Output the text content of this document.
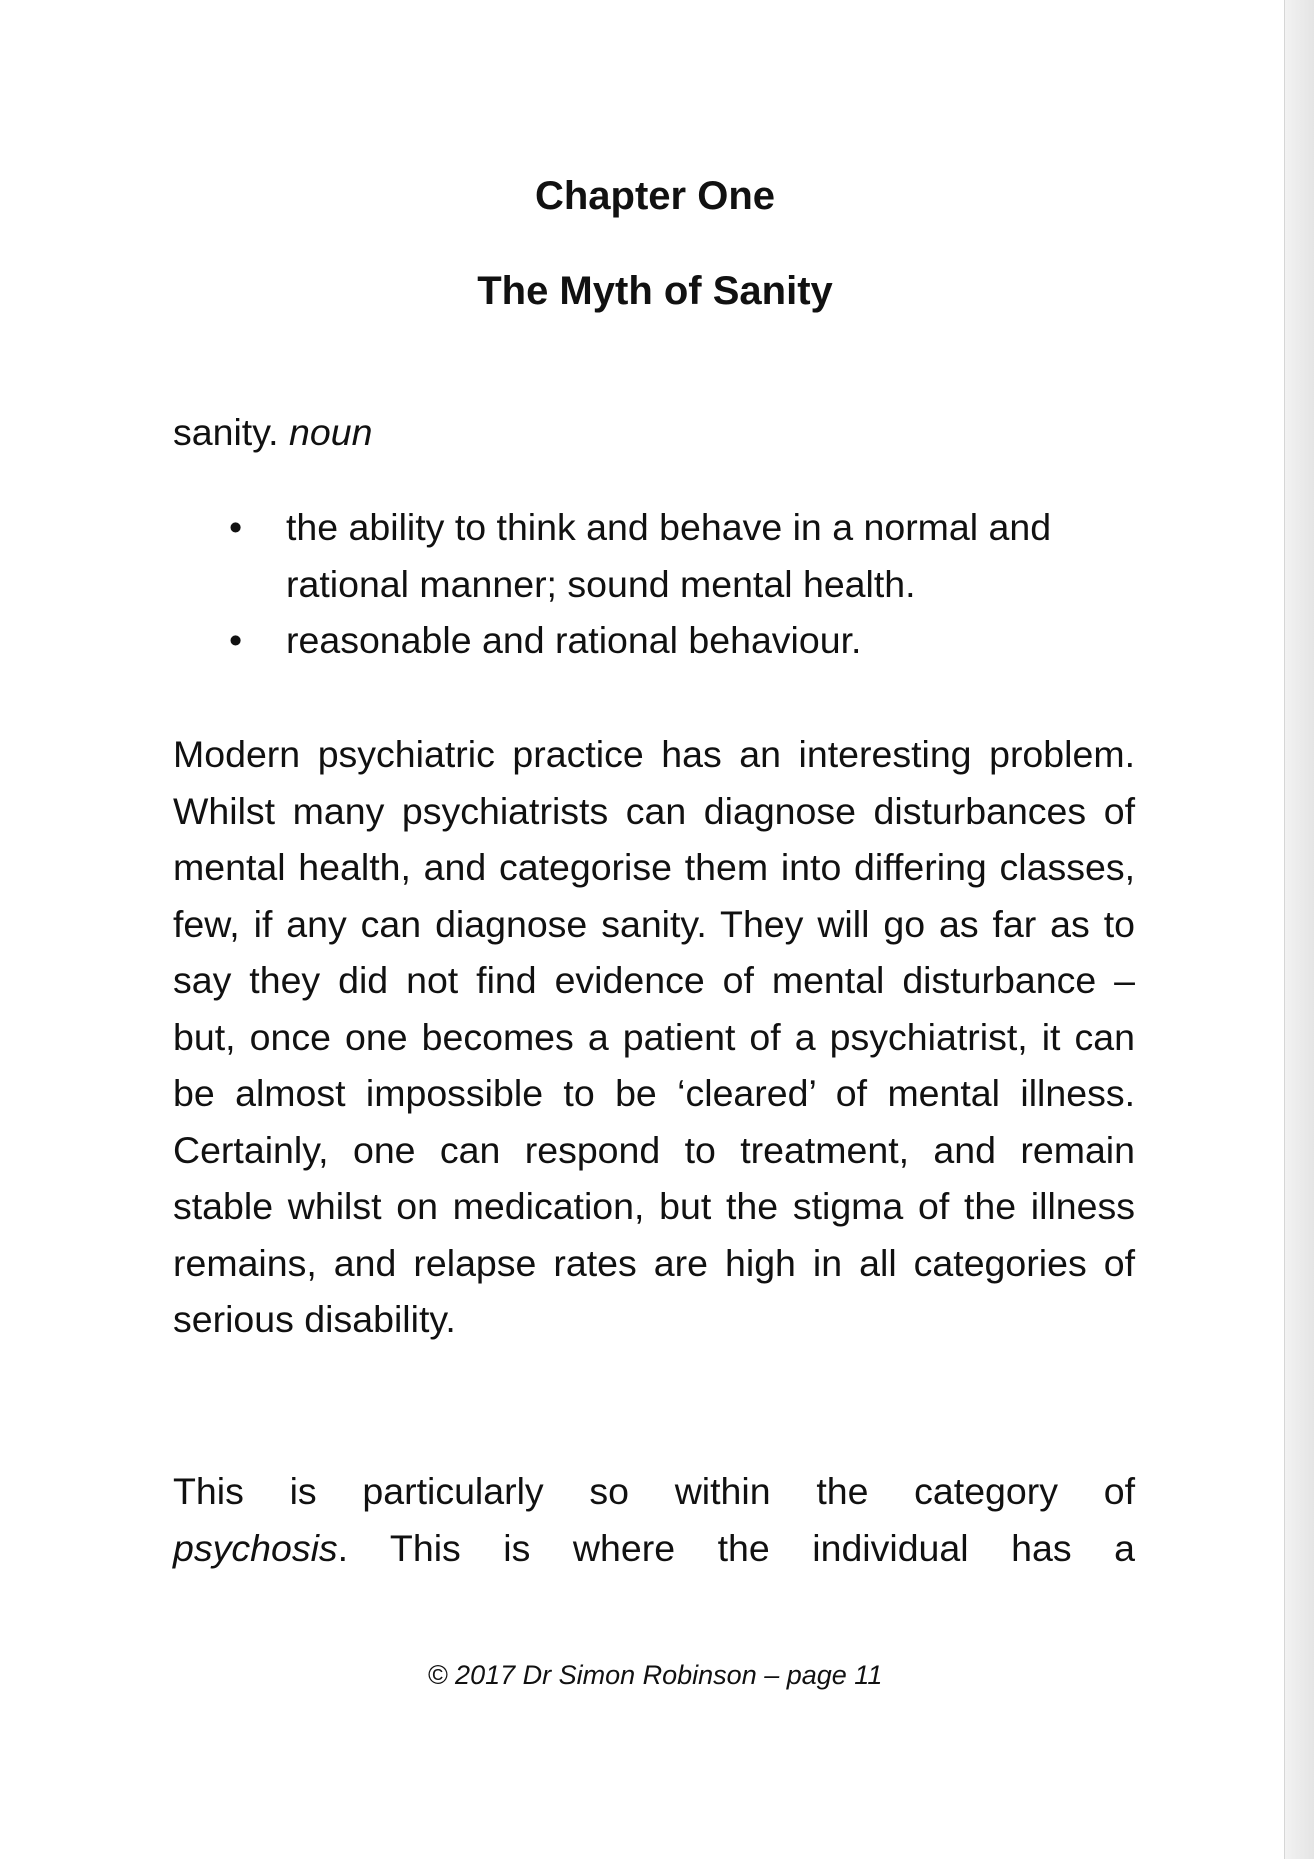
Chapter One
The Myth of Sanity
sanity. noun
• the ability to think and behave in a normal and rational manner; sound mental health.
• reasonable and rational behaviour.

Modern psychiatric practice has an interesting problem. Whilst many psychiatrists can diagnose disturbances of mental health, and categorise them into differing classes, few, if any can diagnose sanity. They will go as far as to say they did not find evidence of mental disturbance – but, once one becomes a patient of a psychiatrist, it can be almost impossible to be ‘cleared’ of mental illness. Certainly, one can respond to treatment, and remain stable whilst on medication, but the stigma of the illness remains, and relapse rates are high in all categories of serious disability.

This is particularly so within the category of
psychosis. This is where the individual has a

© 2017 Dr Simon Robinson – page 11
